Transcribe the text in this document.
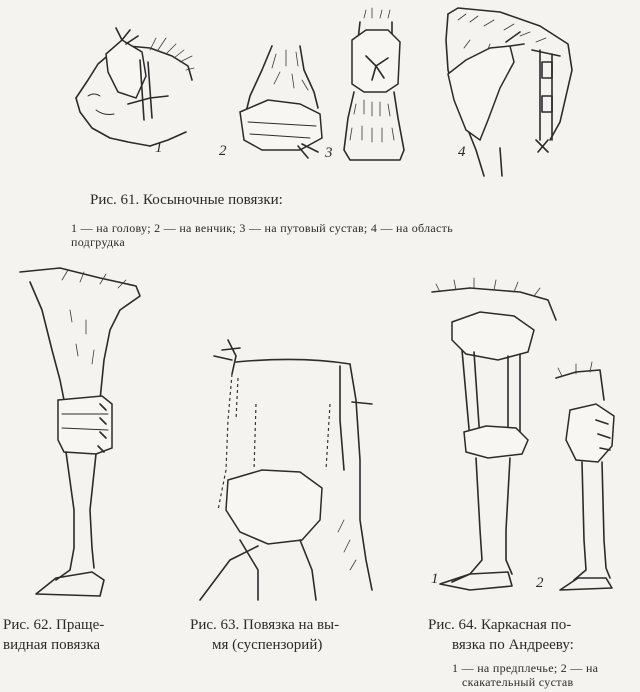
1	2	3	4
1	2
Рис. 61. Косыночные повязки:
1 — на голову; 2 — на венчик; 3 — на путовый сустав; 4 — на область
подгрудка
Рис. 62. Праще-
видная повязка
Рис. 63. Повязка на вы-
мя (суспензорий)
Рис. 64. Каркасная по-
вязка по Андрееву:
1 — на предплечье; 2 — на
скакательный сустав
